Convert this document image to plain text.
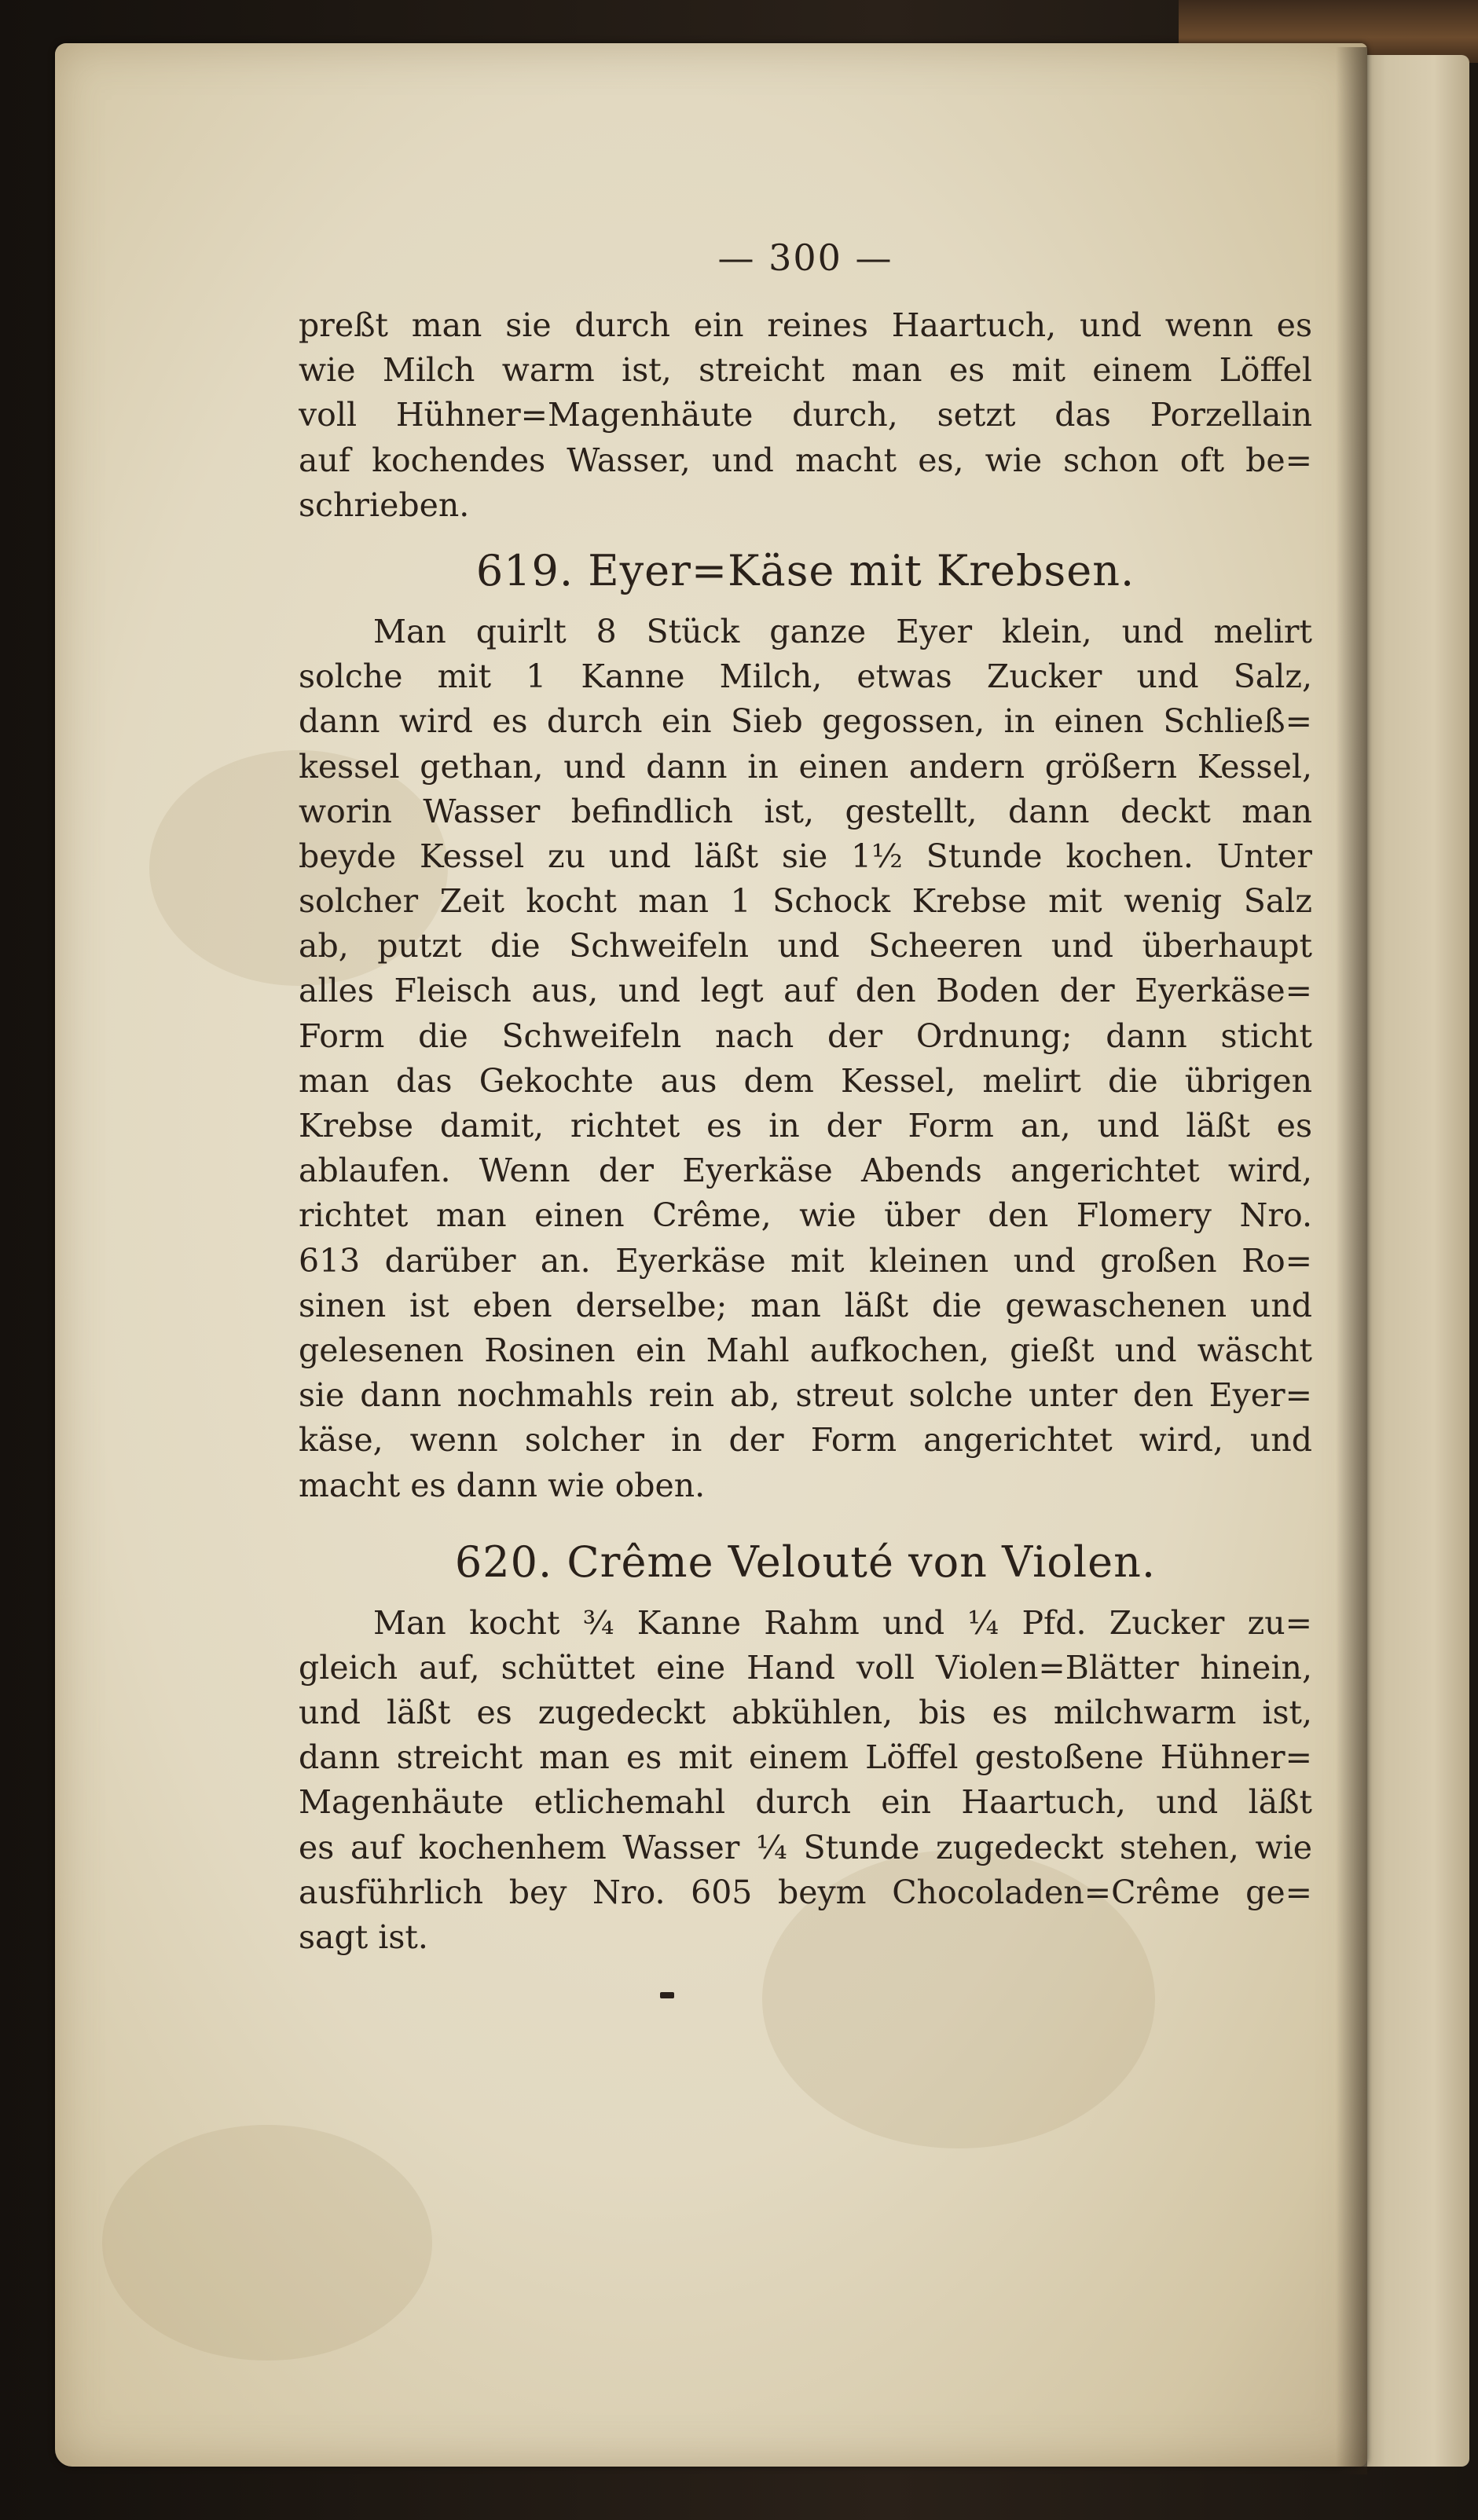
— 300 —
preßt man sie durch ein reines Haartuch, und wenn es
wie Milch warm ist, streicht man es mit einem Löffel
voll Hühner=Magenhäute durch, setzt das Porzellain
auf kochendes Wasser, und macht es, wie schon oft be=
schrieben.
619. Eyer=Käse mit Krebsen.
Man quirlt 8 Stück ganze Eyer klein, und melirt
solche mit 1 Kanne Milch, etwas Zucker und Salz,
dann wird es durch ein Sieb gegossen, in einen Schließ=
kessel gethan, und dann in einen andern größern Kessel,
worin Wasser befindlich ist, gestellt, dann deckt man
beyde Kessel zu und läßt sie 1½ Stunde kochen. Unter
solcher Zeit kocht man 1 Schock Krebse mit wenig Salz
ab, putzt die Schweifeln und Scheeren und überhaupt
alles Fleisch aus, und legt auf den Boden der Eyerkäse=
Form die Schweifeln nach der Ordnung; dann sticht
man das Gekochte aus dem Kessel, melirt die übrigen
Krebse damit, richtet es in der Form an, und läßt es
ablaufen. Wenn der Eyerkäse Abends angerichtet wird,
richtet man einen Crême, wie über den Flomery Nro.
613 darüber an. Eyerkäse mit kleinen und großen Ro=
sinen ist eben derselbe; man läßt die gewaschenen und
gelesenen Rosinen ein Mahl aufkochen, gießt und wäscht
sie dann nochmahls rein ab, streut solche unter den Eyer=
käse, wenn solcher in der Form angerichtet wird, und
macht es dann wie oben.
620. Crême Velouté von Violen.
Man kocht ¾ Kanne Rahm und ¼ Pfd. Zucker zu=
gleich auf, schüttet eine Hand voll Violen=Blätter hinein,
und läßt es zugedeckt abkühlen, bis es milchwarm ist,
dann streicht man es mit einem Löffel gestoßene Hühner=
Magenhäute etlichemahl durch ein Haartuch, und läßt
es auf kochenhem Wasser ¼ Stunde zugedeckt stehen, wie
ausführlich bey Nro. 605 beym Chocoladen=Crême ge=
sagt ist.
